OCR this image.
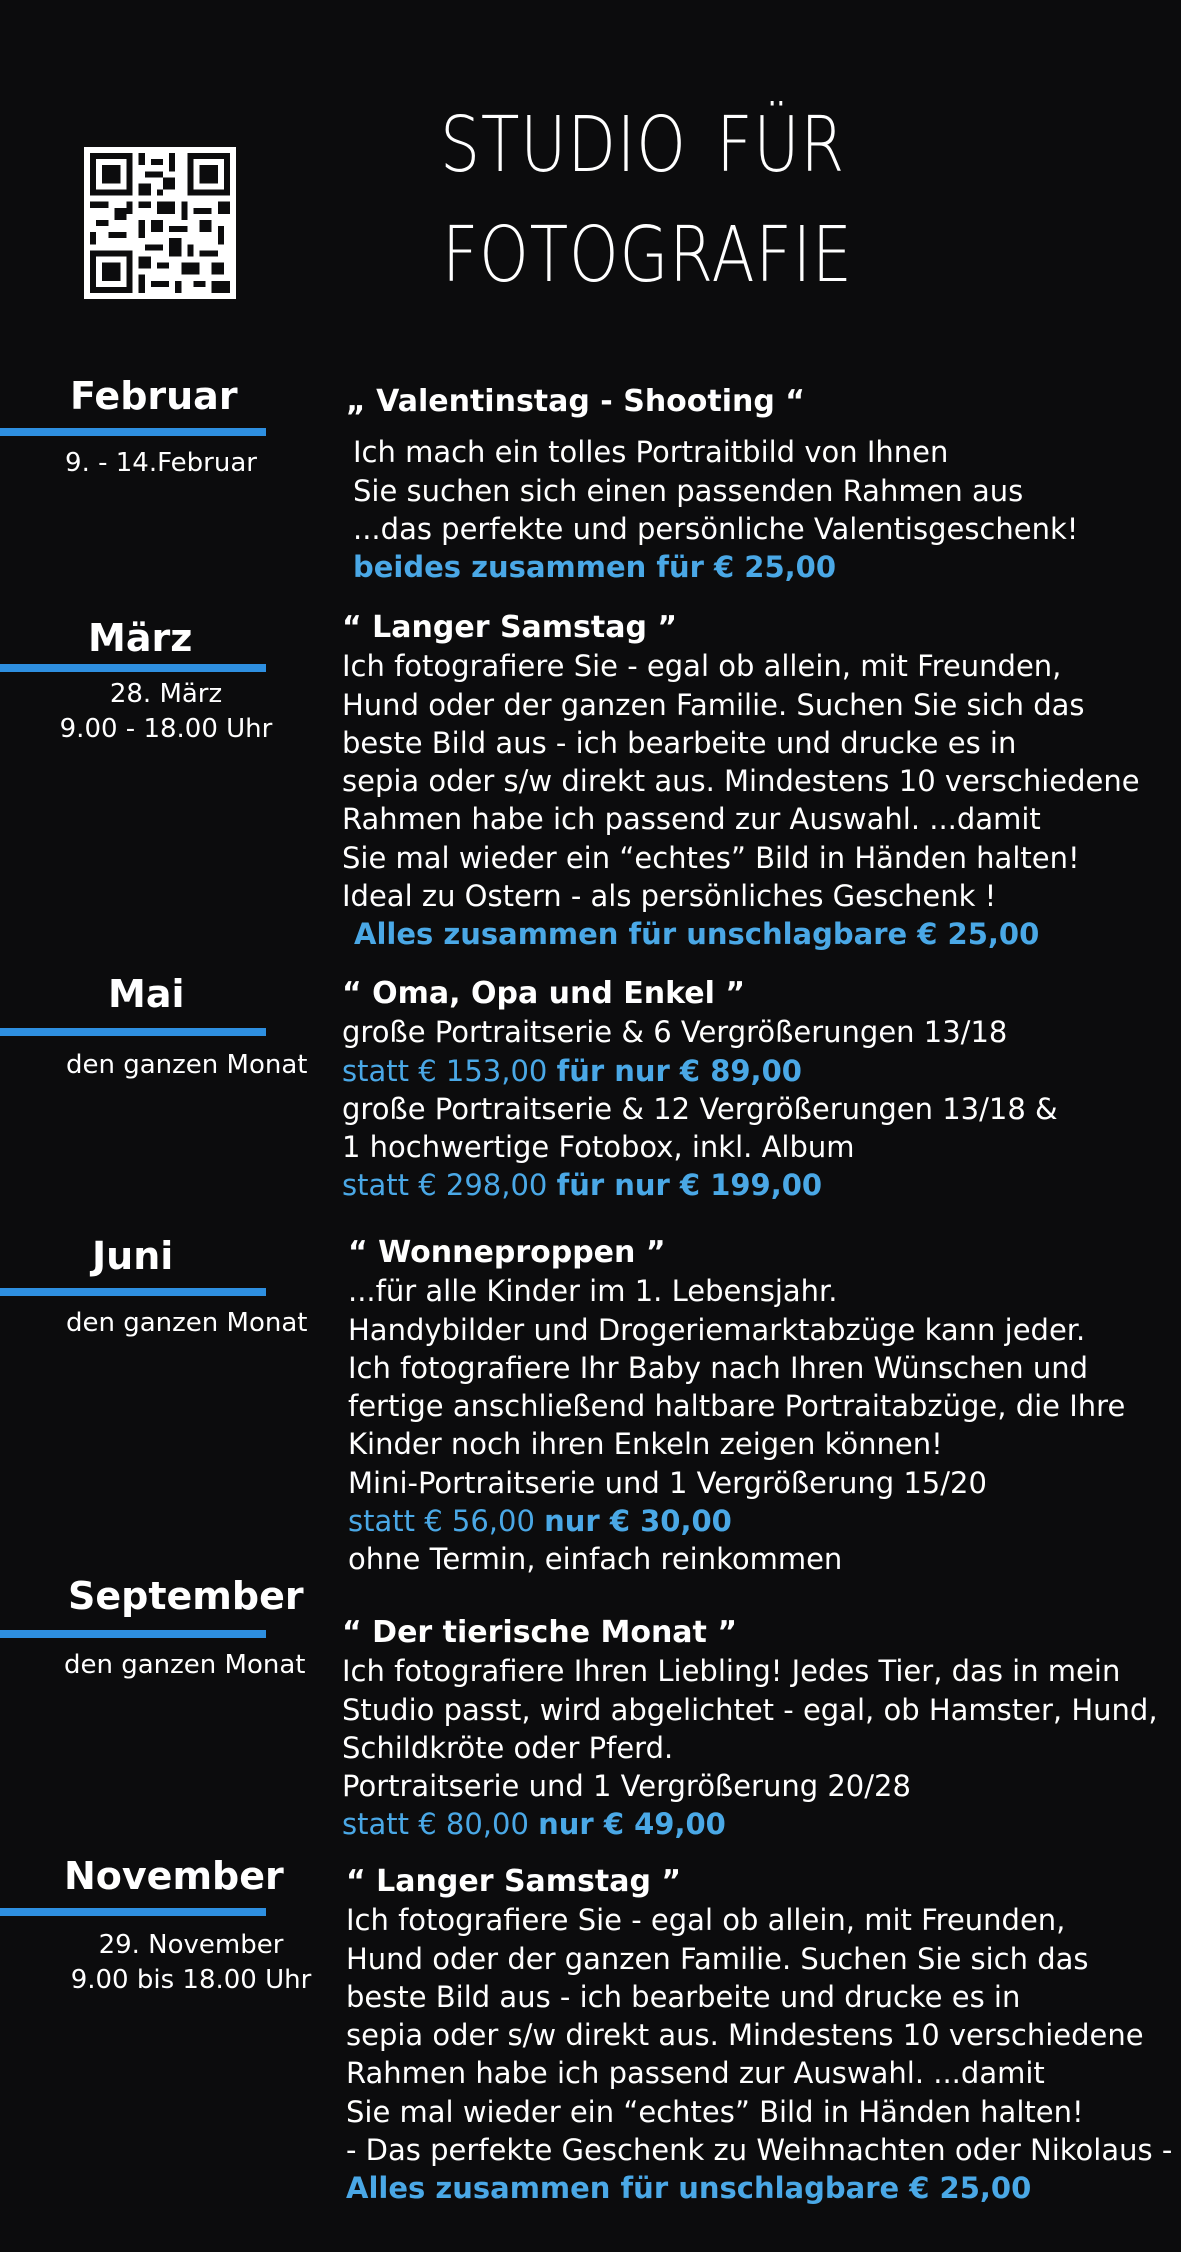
studio für
fotografie
Februar
9. - 14.Februar
„ Valentinstag - Shooting “
Ich mach ein tolles Portraitbild von Ihnen
Sie suchen sich einen passenden Rahmen aus
...das perfekte und persönliche Valentisgeschenk!
beides zusammen für € 25,00
März
28. März
9.00 - 18.00 Uhr
“ Langer Samstag ”
Ich fotografiere Sie - egal ob allein, mit Freunden,
Hund oder der ganzen Familie. Suchen Sie sich das
beste Bild aus - ich bearbeite und drucke es in
sepia oder s/w direkt aus. Mindestens 10 verschiedene
Rahmen habe ich passend zur Auswahl. ...damit
Sie mal wieder ein “echtes” Bild in Händen halten!
Ideal zu Ostern - als persönliches Geschenk !
Alles zusammen für unschlagbare € 25,00
Mai
den ganzen Monat
“ Oma, Opa und Enkel ”
große Portraitserie & 6 Vergrößerungen 13/18
statt € 153,00 für nur € 89,00
große Portraitserie & 12 Vergrößerungen 13/18 &
1 hochwertige Fotobox, inkl. Album
statt € 298,00 für nur € 199,00
Juni
den ganzen Monat
“ Wonneproppen ”
...für alle Kinder im 1. Lebensjahr.
Handybilder und Drogeriemarktabzüge kann jeder.
Ich fotografiere Ihr Baby nach Ihren Wünschen und
fertige anschließend haltbare Portraitabzüge, die Ihre
Kinder noch ihren Enkeln zeigen können!
Mini-Portraitserie und 1 Vergrößerung 15/20
statt € 56,00 nur € 30,00
ohne Termin, einfach reinkommen
September
den ganzen Monat
“ Der tierische Monat ”
Ich fotografiere Ihren Liebling! Jedes Tier, das in mein
Studio passt, wird abgelichtet - egal, ob Hamster, Hund,
Schildkröte oder Pferd.
Portraitserie und 1 Vergrößerung 20/28
statt € 80,00 nur € 49,00
November
29. November
9.00 bis 18.00 Uhr
“ Langer Samstag ”
Ich fotografiere Sie - egal ob allein, mit Freunden,
Hund oder der ganzen Familie. Suchen Sie sich das
beste Bild aus - ich bearbeite und drucke es in
sepia oder s/w direkt aus. Mindestens 10 verschiedene
Rahmen habe ich passend zur Auswahl. ...damit
Sie mal wieder ein “echtes” Bild in Händen halten!
- Das perfekte Geschenk zu Weihnachten oder Nikolaus -
Alles zusammen für unschlagbare € 25,00
